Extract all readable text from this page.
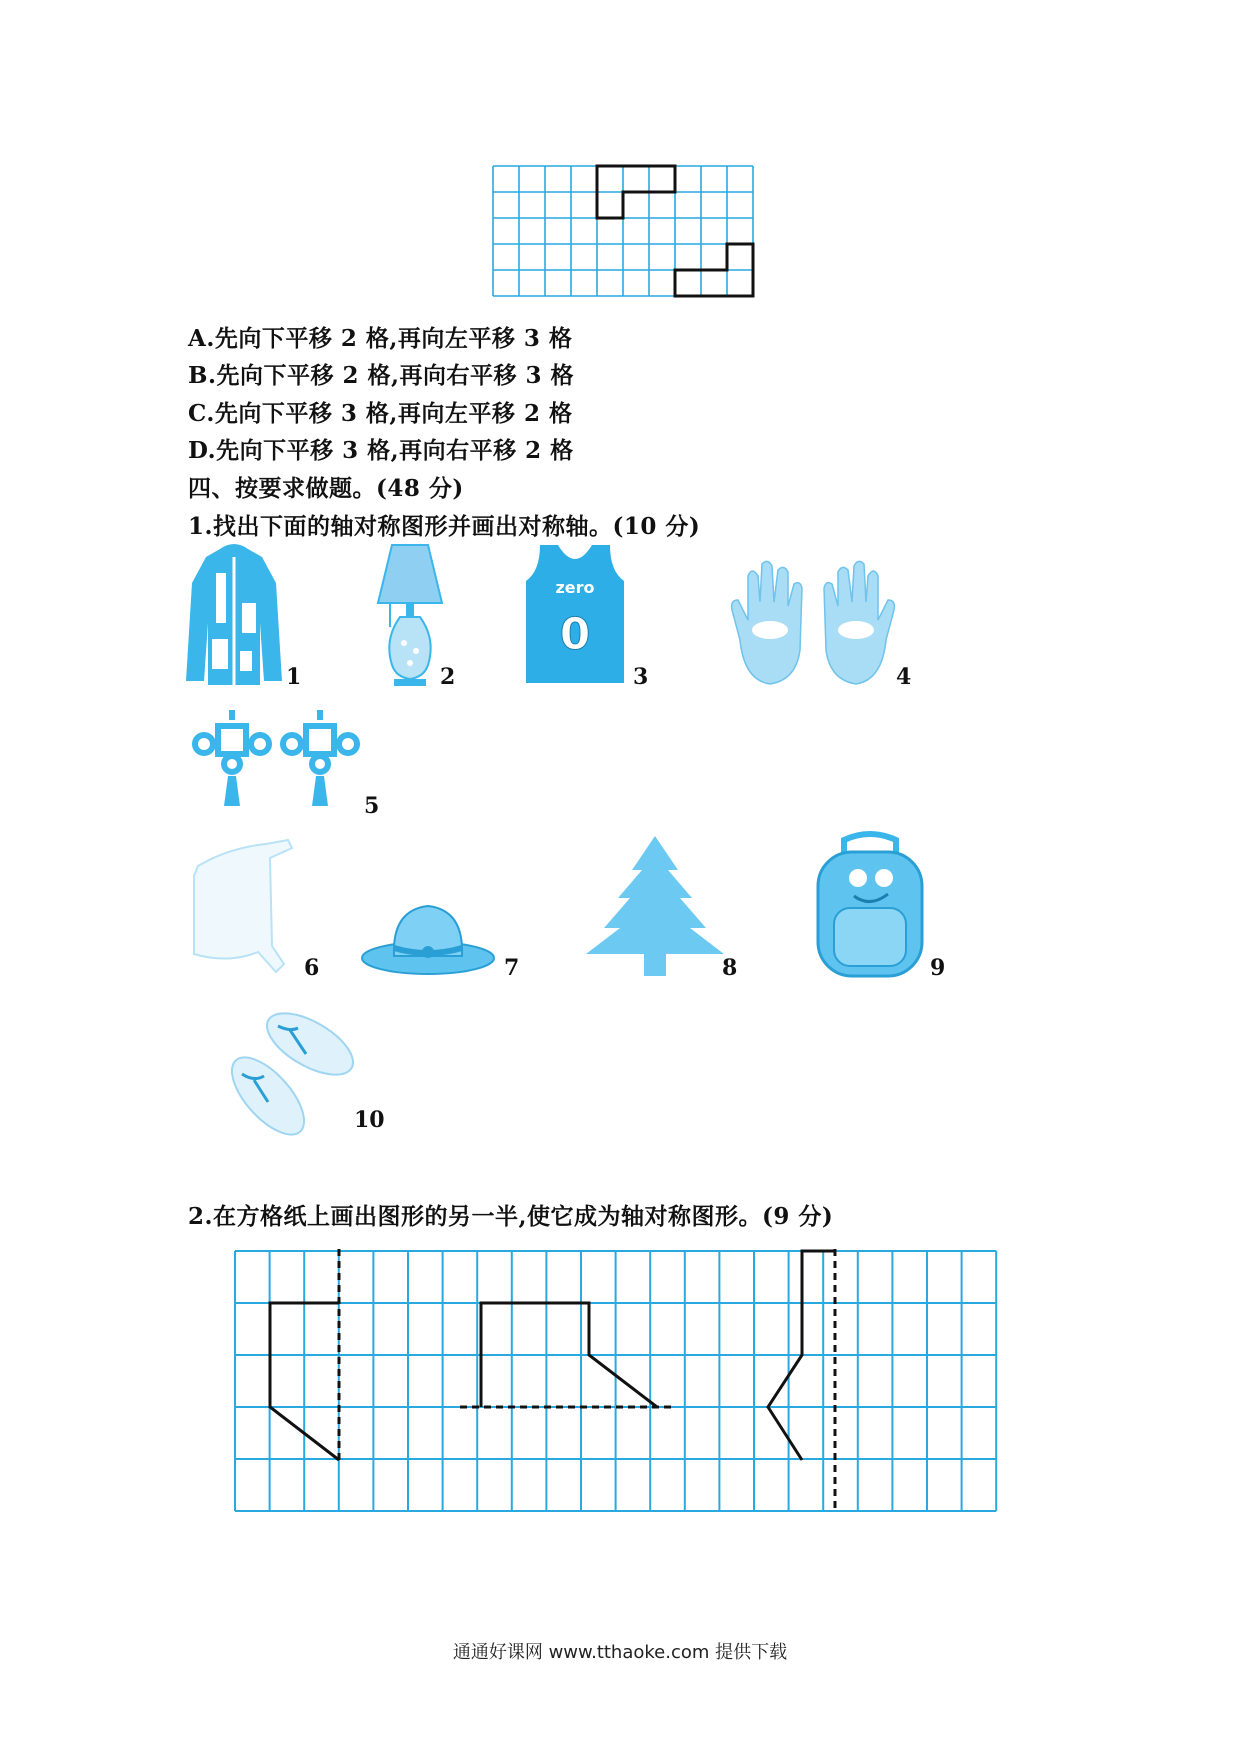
A.先向下平移 2 格,再向左平移 3 格
B.先向下平移 2 格,再向右平移 3 格
C.先向下平移 3 格,再向左平移 2 格
D.先向下平移 3 格,再向右平移 2 格
四、按要求做题。(48 分)
1.找出下面的轴对称图形并画出对称轴。(10 分)
1	2
zero
0
3	4
5
6	7	8	9
10
2.在方格纸上画出图形的另一半,使它成为轴对称图形。(9 分)
通通好课网 www.tthaoke.com 提供下载
